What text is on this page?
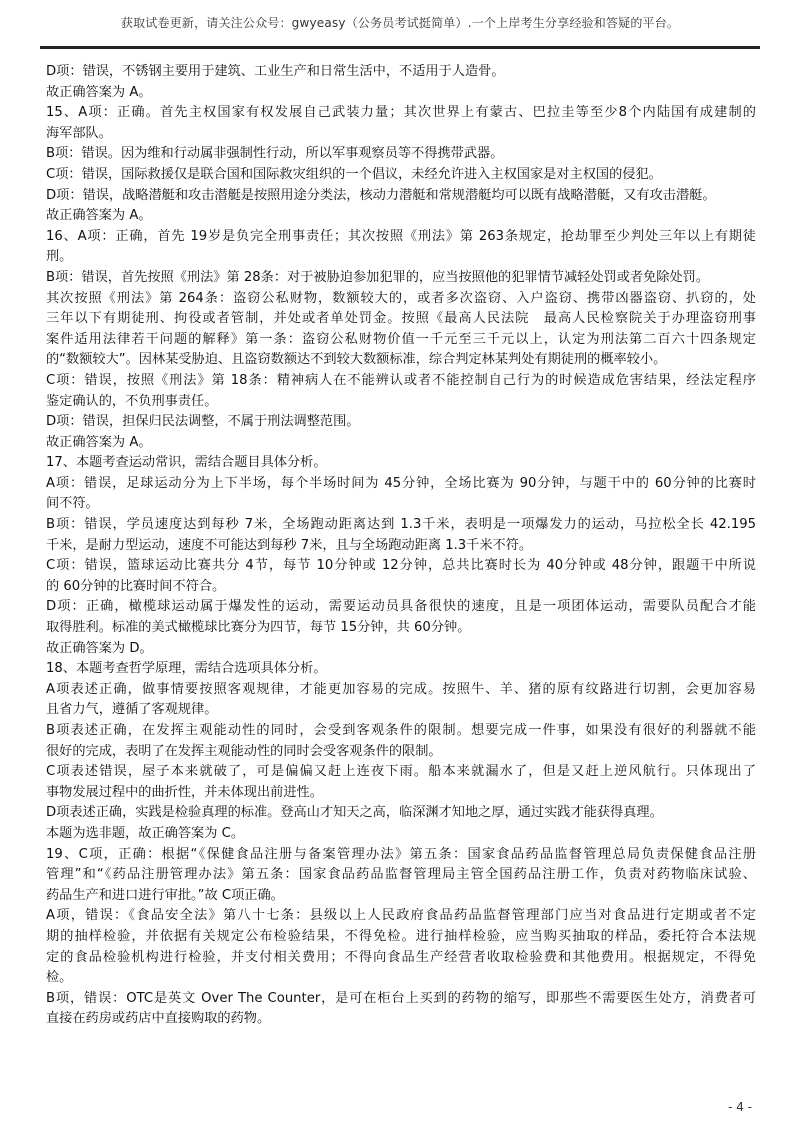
获取试卷更新，请关注公众号：gwyeasy（公务员考试挺简单）.一个上岸考生分享经验和答疑的平台。
D项：错误，不锈钢主要用于建筑、工业生产和日常生活中，不适用于人造骨。
故正确答案为 A。
15、A项：正确。首先主权国家有权发展自己武装力量；其次世界上有蒙古、巴拉圭等至少8个内陆国有成建制的
海军部队。
B项：错误。因为维和行动属非强制性行动，所以军事观察员等不得携带武器。
C项：错误，国际救援仅是联合国和国际救灾组织的一个倡议，未经允许进入主权国家是对主权国的侵犯。
D项：错误，战略潜艇和攻击潜艇是按照用途分类法，核动力潜艇和常规潜艇均可以既有战略潜艇，又有攻击潜艇。
故正确答案为 A。
16、A项：正确，首先 19岁是负完全刑事责任；其次按照《刑法》第 263条规定，抢劫罪至少判处三年以上有期徒
刑。
B项：错误，首先按照《刑法》第 28条：对于被胁迫参加犯罪的，应当按照他的犯罪情节减轻处罚或者免除处罚。
其次按照《刑法》第 264条：盗窃公私财物，数额较大的，或者多次盗窃、入户盗窃、携带凶器盗窃、扒窃的，处
三年以下有期徒刑、拘役或者管制，并处或者单处罚金。按照《最高人民法院　最高人民检察院关于办理盗窃刑事
案件适用法律若干问题的解释》第一条：盗窃公私财物价值一千元至三千元以上，认定为刑法第二百六十四条规定
的“数额较大”。因林某受胁迫、且盗窃数额达不到较大数额标准，综合判定林某判处有期徒刑的概率较小。
C项：错误，按照《刑法》第 18条：精神病人在不能辨认或者不能控制自己行为的时候造成危害结果，经法定程序
鉴定确认的，不负刑事责任。
D项：错误，担保归民法调整，不属于刑法调整范围。
故正确答案为 A。
17、本题考查运动常识，需结合题目具体分析。
A项：错误，足球运动分为上下半场，每个半场时间为 45分钟，全场比赛为 90分钟，与题干中的 60分钟的比赛时
间不符。
B项：错误，学员速度达到每秒 7米，全场跑动距离达到 1.3千米，表明是一项爆发力的运动，马拉松全长 42.195
千米，是耐力型运动，速度不可能达到每秒 7米，且与全场跑动距离 1.3千米不符。
C项：错误，篮球运动比赛共分 4节，每节 10分钟或 12分钟，总共比赛时长为 40分钟或 48分钟，跟题干中所说
的 60分钟的比赛时间不符合。
D项：正确，橄榄球运动属于爆发性的运动，需要运动员具备很快的速度，且是一项团体运动，需要队员配合才能
取得胜利。标准的美式橄榄球比赛分为四节，每节 15分钟，共 60分钟。
故正确答案为 D。
18、本题考查哲学原理，需结合选项具体分析。
A项表述正确，做事情要按照客观规律，才能更加容易的完成。按照牛、羊、猪的原有纹路进行切割，会更加容易
且省力气，遵循了客观规律。
B项表述正确，在发挥主观能动性的同时，会受到客观条件的限制。想要完成一件事，如果没有很好的利器就不能
很好的完成，表明了在发挥主观能动性的同时会受客观条件的限制。
C项表述错误，屋子本来就破了，可是偏偏又赶上连夜下雨。船本来就漏水了，但是又赶上逆风航行。只体现出了
事物发展过程中的曲折性，并未体现出前进性。
D项表述正确，实践是检验真理的标准。登高山才知天之高，临深渊才知地之厚，通过实践才能获得真理。
本题为选非题，故正确答案为 C。
19、C项，正确：根据“《保健食品注册与备案管理办法》第五条：国家食品药品监督管理总局负责保健食品注册
管理”和“《药品注册管理办法》第五条：国家食品药品监督管理局主管全国药品注册工作，负责对药物临床试验、
药品生产和进口进行审批。”故 C项正确。
A项，错误：《食品安全法》第八十七条：县级以上人民政府食品药品监督管理部门应当对食品进行定期或者不定
期的抽样检验，并依据有关规定公布检验结果，不得免检。进行抽样检验，应当购买抽取的样品，委托符合本法规
定的食品检验机构进行检验，并支付相关费用；不得向食品生产经营者收取检验费和其他费用。根据规定，不得免
检。
B项，错误：OTC是英文 Over The Counter，是可在柜台上买到的药物的缩写，即那些不需要医生处方，消费者可
直接在药房或药店中直接购取的药物。
- 4 -
